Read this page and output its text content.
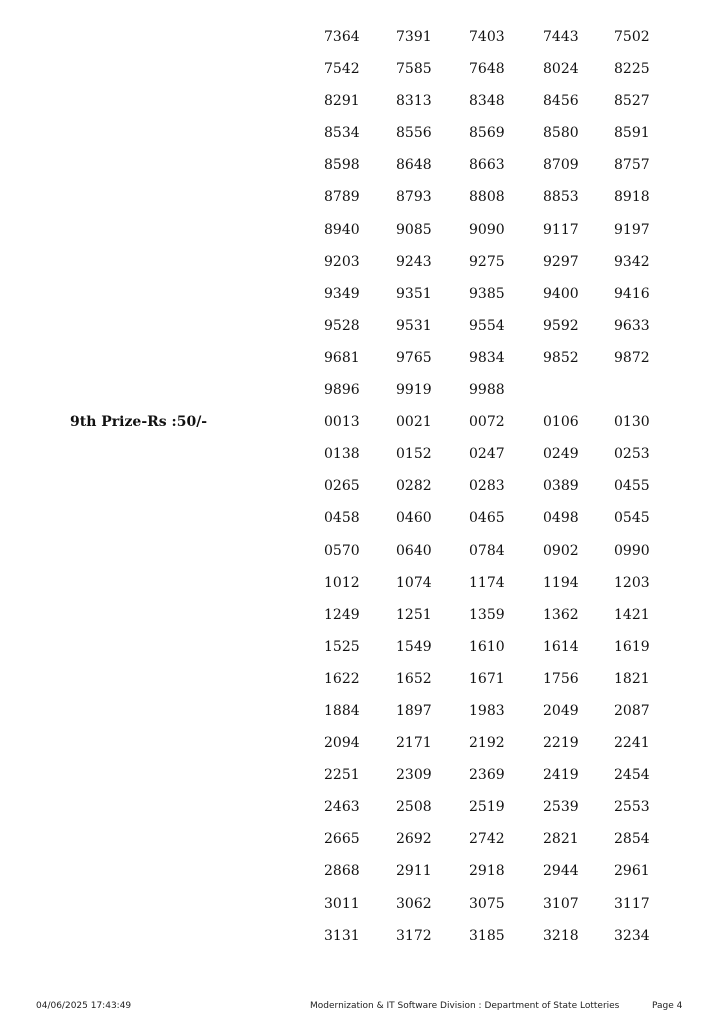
9th Prize-Rs :50/-
7364	7391	7403	7443	7502
7542	7585	7648	8024	8225
8291	8313	8348	8456	8527
8534	8556	8569	8580	8591
8598	8648	8663	8709	8757
8789	8793	8808	8853	8918
8940	9085	9090	9117	9197
9203	9243	9275	9297	9342
9349	9351	9385	9400	9416
9528	9531	9554	9592	9633
9681	9765	9834	9852	9872
9896	9919	9988
0013	0021	0072	0106	0130
0138	0152	0247	0249	0253
0265	0282	0283	0389	0455
0458	0460	0465	0498	0545
0570	0640	0784	0902	0990
1012	1074	1174	1194	1203
1249	1251	1359	1362	1421
1525	1549	1610	1614	1619
1622	1652	1671	1756	1821
1884	1897	1983	2049	2087
2094	2171	2192	2219	2241
2251	2309	2369	2419	2454
2463	2508	2519	2539	2553
2665	2692	2742	2821	2854
2868	2911	2918	2944	2961
3011	3062	3075	3107	3117
3131	3172	3185	3218	3234
04/06/2025 17:43:49	Modernization & IT Software Division : Department of State Lotteries	Page 4
